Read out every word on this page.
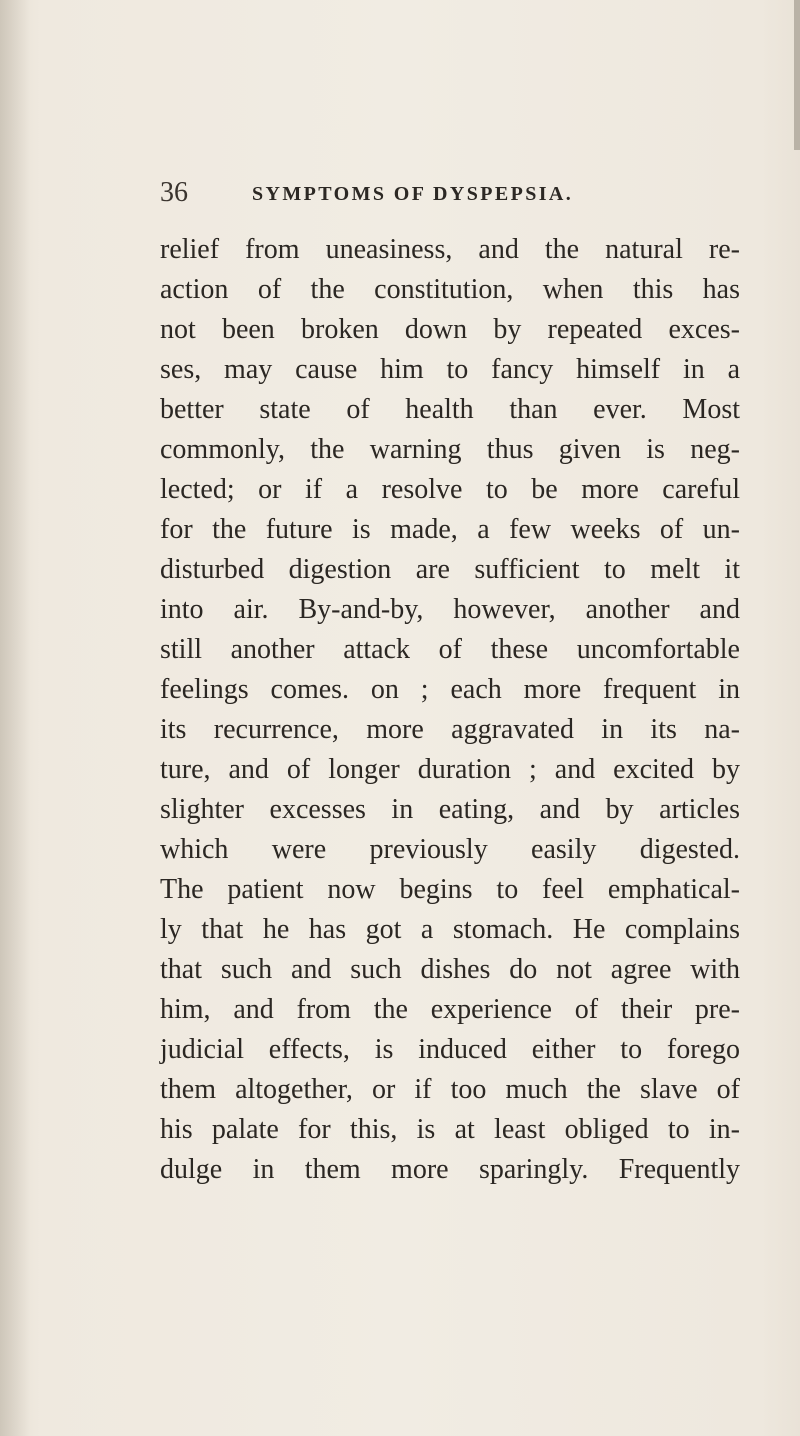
36	SYMPTOMS OF DYSPEPSIA.
relief from uneasiness, and the natural re-
action of the constitution, when this has
not been broken down by repeated exces-
ses, may cause him to fancy himself in a
better state of health than ever. Most
commonly, the warning thus given is neg-
lected; or if a resolve to be more careful
for the future is made, a few weeks of un-
disturbed digestion are sufficient to melt it
into air. By-and-by, however, another and
still another attack of these uncomfortable
feelings comes. on ; each more frequent in
its recurrence, more aggravated in its na-
ture, and of longer duration ; and excited by
slighter excesses in eating, and by articles
which were previously easily digested.
The patient now begins to feel emphatical-
ly that he has got a stomach. He complains
that such and such dishes do not agree with
him, and from the experience of their pre-
judicial effects, is induced either to forego
them altogether, or if too much the slave of
his palate for this, is at least obliged to in-
dulge in them more sparingly. Frequently
